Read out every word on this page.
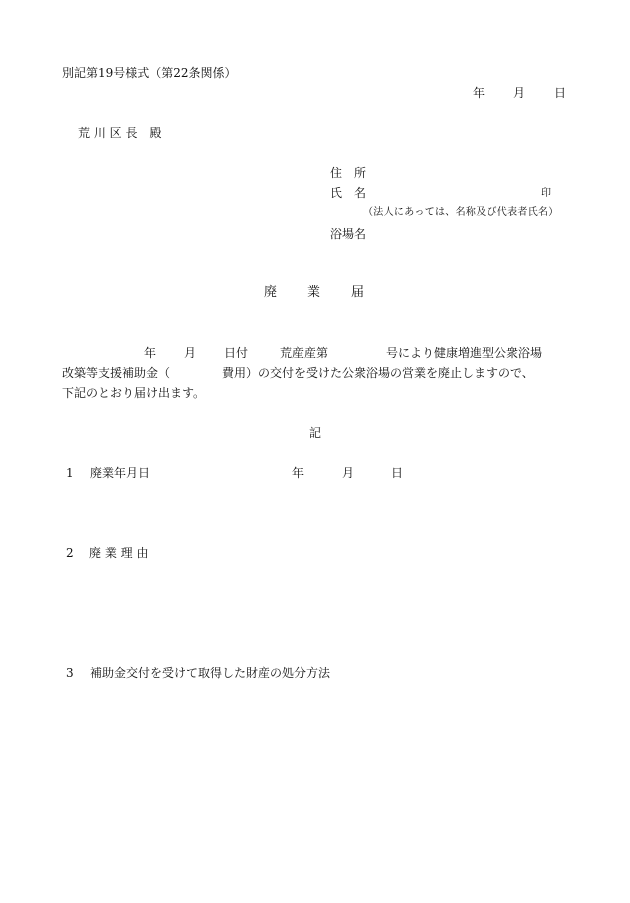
別記第19号様式（第22条関係）
年 月 日
荒 川 区 長　殿
住　所
氏　名	印
（法人にあっては、名称及び代表者氏名）
浴場名
廃 業 届
年 月 日付	荒産産第	号により健康増進型公衆浴場
改築等支援補助金（	費用）の交付を受けた公衆浴場の営業を廃止しますので、
下記のとおり届け出ます。
記
1 廃業年月日	年	月	日
2 廃 業 理 由
3 補助金交付を受けて取得した財産の処分方法
